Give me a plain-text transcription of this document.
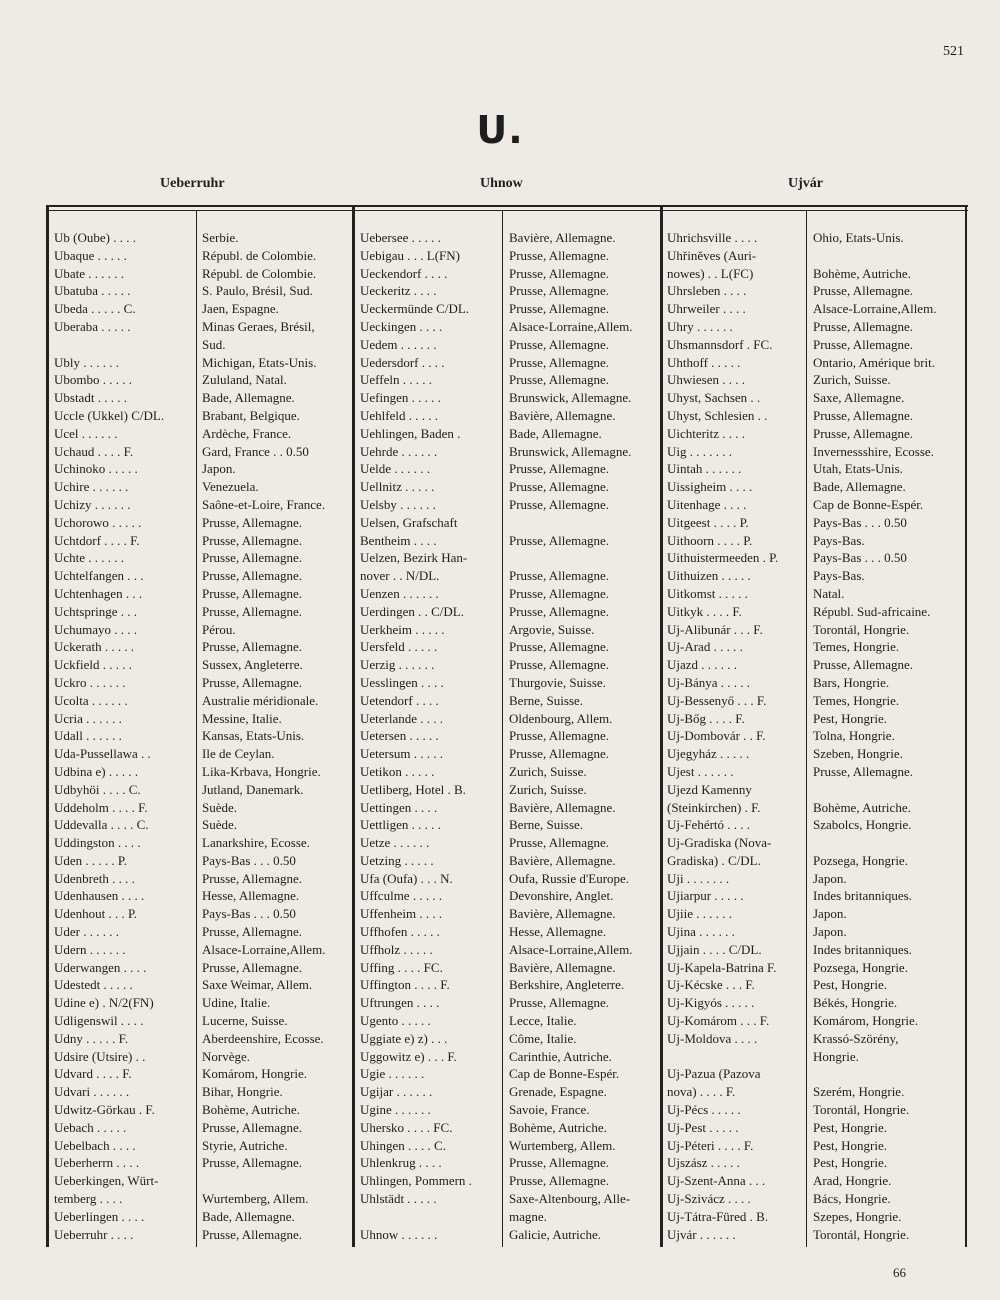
521
U.
Ueberruhr	Uhnow	Ujvár
Ub (Oube) . . . .	Serbie.
Ubaque . . . . .	Républ. de Colombie.
Ubate . . . . . .	Républ. de Colombie.
Ubatuba . . . . .	S. Paulo, Brésil, Sud.
Ubeda . . . . . C.	Jaen, Espagne.
Uberaba . . . . .	Minas Geraes, Brésil,
Sud.
Ubly . . . . . .	Michigan, Etats-Unis.
Ubombo . . . . .	Zululand, Natal.
Ubstadt . . . . .	Bade, Allemagne.
Uccle (Ukkel) C/DL.	Brabant, Belgique.
Ucel . . . . . .	Ardèche, France.
Uchaud . . . . F.	Gard, France . . 0.50
Uchinoko . . . . .	Japon.
Uchire . . . . . .	Venezuela.
Uchizy . . . . . .	Saône-et-Loire, France.
Uchorowo . . . . .	Prusse, Allemagne.
Uchtdorf . . . . F.	Prusse, Allemagne.
Uchte . . . . . .	Prusse, Allemagne.
Uchtelfangen . . .	Prusse, Allemagne.
Uchtenhagen . . .	Prusse, Allemagne.
Uchtspringe . . .	Prusse, Allemagne.
Uchumayo . . . .	Pérou.
Uckerath . . . . .	Prusse, Allemagne.
Uckfield . . . . .	Sussex, Angleterre.
Uckro . . . . . .	Prusse, Allemagne.
Ucolta . . . . . .	Australie méridionale.
Ucria . . . . . .	Messine, Italie.
Udall . . . . . .	Kansas, Etats-Unis.
Uda-Pussellawa . .	Ile de Ceylan.
Udbina e) . . . . .	Lika-Krbava, Hongrie.
Udbyhöi . . . . C.	Jutland, Danemark.
Uddeholm . . . . F.	Suède.
Uddevalla . . . . C.	Suède.
Uddingston . . . .	Lanarkshire, Ecosse.
Uden . . . . . P.	Pays-Bas . . . 0.50
Udenbreth . . . .	Prusse, Allemagne.
Udenhausen . . . .	Hesse, Allemagne.
Udenhout . . . P.	Pays-Bas . . . 0.50
Uder . . . . . .	Prusse, Allemagne.
Udern . . . . . .	Alsace-Lorraine,Allem.
Uderwangen . . . .	Prusse, Allemagne.
Udestedt . . . . .	Saxe Weimar, Allem.
Udine e) . N/2(FN)	Udine, Italie.
Udligenswil . . . .	Lucerne, Suisse.
Udny . . . . . F.	Aberdeenshire, Ecosse.
Udsire (Utsire) . .	Norvège.
Udvard . . . . F.	Komárom, Hongrie.
Udvari . . . . . .	Bihar, Hongrie.
Udwitz-Görkau . F.	Bohème, Autriche.
Uebach . . . . .	Prusse, Allemagne.
Uebelbach . . . .	Styrie, Autriche.
Ueberherrn . . . .	Prusse, Allemagne.
Ueberkingen, Würt-
temberg . . . .	Wurtemberg, Allem.
Ueberlingen . . . .	Bade, Allemagne.
Ueberruhr . . . .	Prusse, Allemagne.
Uebersee . . . . .	Bavière, Allemagne.
Uebigau . . . L(FN)	Prusse, Allemagne.
Ueckendorf . . . .	Prusse, Allemagne.
Ueckeritz . . . .	Prusse, Allemagne.
Ueckermünde C/DL.	Prusse, Allemagne.
Ueckingen . . . .	Alsace-Lorraine,Allem.
Uedem . . . . . .	Prusse, Allemagne.
Uedersdorf . . . .	Prusse, Allemagne.
Ueffeln . . . . .	Prusse, Allemagne.
Uefingen . . . . .	Brunswick, Allemagne.
Uehlfeld . . . . .	Bavière, Allemagne.
Uehlingen, Baden .	Bade, Allemagne.
Uehrde . . . . . .	Brunswick, Allemagne.
Uelde . . . . . .	Prusse, Allemagne.
Uellnitz . . . . .	Prusse, Allemagne.
Uelsby . . . . . .	Prusse, Allemagne.
Uelsen, Grafschaft
Bentheim . . . .	Prusse, Allemagne.
Uelzen, Bezirk Han-
nover . . N/DL.	Prusse, Allemagne.
Uenzen . . . . . .	Prusse, Allemagne.
Uerdingen . . C/DL.	Prusse, Allemagne.
Uerkheim . . . . .	Argovie, Suisse.
Uersfeld . . . . .	Prusse, Allemagne.
Uerzig . . . . . .	Prusse, Allemagne.
Uesslingen . . . .	Thurgovie, Suisse.
Uetendorf . . . .	Berne, Suisse.
Ueterlande . . . .	Oldenbourg, Allem.
Uetersen . . . . .	Prusse, Allemagne.
Uetersum . . . . .	Prusse, Allemagne.
Uetikon . . . . .	Zurich, Suisse.
Uetliberg, Hotel . B.	Zurich, Suisse.
Uettingen . . . .	Bavière, Allemagne.
Uettligen . . . . .	Berne, Suisse.
Uetze . . . . . .	Prusse, Allemagne.
Uetzing . . . . .	Bavière, Allemagne.
Ufa (Oufa) . . . N.	Oufa, Russie d'Europe.
Uffculme . . . . .	Devonshire, Anglet.
Uffenheim . . . .	Bavière, Allemagne.
Uffhofen . . . . .	Hesse, Allemagne.
Uffholz . . . . .	Alsace-Lorraine,Allem.
Uffing . . . . FC.	Bavière, Allemagne.
Uffington . . . . F.	Berkshire, Angleterre.
Uftrungen . . . .	Prusse, Allemagne.
Ugento . . . . .	Lecce, Italie.
Uggiate e) z) . . .	Côme, Italie.
Uggowitz e) . . . F.	Carinthie, Autriche.
Ugie . . . . . .	Cap de Bonne-Espér.
Ugijar . . . . . .	Grenade, Espagne.
Ugine . . . . . .	Savoie, France.
Uhersko . . . . FC.	Bohème, Autriche.
Uhingen . . . . C.	Wurtemberg, Allem.
Uhlenkrug . . . .	Prusse, Allemagne.
Uhlingen, Pommern .	Prusse, Allemagne.
Uhlstädt . . . . .	Saxe-Altenbourg, Alle-
magne.
Uhnow . . . . . .	Galicie, Autriche.
Uhrichsville . . . .	Ohio, Etats-Unis.
Uhřiněves (Auri-
nowes) . . L(FC)	Bohème, Autriche.
Uhrsleben . . . .	Prusse, Allemagne.
Uhrweiler . . . .	Alsace-Lorraine,Allem.
Uhry . . . . . .	Prusse, Allemagne.
Uhsmannsdorf . FC.	Prusse, Allemagne.
Uhthoff . . . . .	Ontario, Amérique brit.
Uhwiesen . . . .	Zurich, Suisse.
Uhyst, Sachsen . .	Saxe, Allemagne.
Uhyst, Schlesien . .	Prusse, Allemagne.
Uichteritz . . . .	Prusse, Allemagne.
Uig . . . . . . .	Invernessshire, Ecosse.
Uintah . . . . . .	Utah, Etats-Unis.
Uissigheim . . . .	Bade, Allemagne.
Uitenhage . . . .	Cap de Bonne-Espér.
Uitgeest . . . . P.	Pays-Bas . . . 0.50
Uithoorn . . . . P.	Pays-Bas.
Uithuistermeeden . P.	Pays-Bas . . . 0.50
Uithuizen . . . . .	Pays-Bas.
Uitkomst . . . . .	Natal.
Uitkyk . . . . F.	Républ. Sud-africaine.
Uj-Alibunár . . . F.	Torontál, Hongrie.
Uj-Arad . . . . .	Temes, Hongrie.
Ujazd . . . . . .	Prusse, Allemagne.
Uj-Bánya . . . . .	Bars, Hongrie.
Uj-Bessenyő . . . F.	Temes, Hongrie.
Uj-Bőg . . . . F.	Pest, Hongrie.
Uj-Dombovár . . F.	Tolna, Hongrie.
Ujegyház . . . . .	Szeben, Hongrie.
Ujest . . . . . .	Prusse, Allemagne.
Ujezd Kamenny
(Steinkirchen) . F.	Bohème, Autriche.
Uj-Fehértó . . . .	Szabolcs, Hongrie.
Uj-Gradiska (Nova-
Gradiska) . C/DL.	Pozsega, Hongrie.
Uji . . . . . . .	Japon.
Ujiarpur . . . . .	Indes britanniques.
Ujiie . . . . . .	Japon.
Ujina . . . . . .	Japon.
Ujjain . . . . C/DL.	Indes britanniques.
Uj-Kapela-Batrina F.	Pozsega, Hongrie.
Uj-Kécske . . . F.	Pest, Hongrie.
Uj-Kigyós . . . . .	Békés, Hongrie.
Uj-Komárom . . . F.	Komárom, Hongrie.
Uj-Moldova . . . .	Krassó-Szörény,
Hongrie.
Uj-Pazua (Pazova
nova) . . . . F.	Szerém, Hongrie.
Uj-Pécs . . . . .	Torontál, Hongrie.
Uj-Pest . . . . .	Pest, Hongrie.
Uj-Péteri . . . . F.	Pest, Hongrie.
Ujszász . . . . .	Pest, Hongrie.
Uj-Szent-Anna . . .	Arad, Hongrie.
Uj-Szivácz . . . .	Bács, Hongrie.
Uj-Tátra-Füred . B.	Szepes, Hongrie.
Ujvár . . . . . .	Torontál, Hongrie.
66
